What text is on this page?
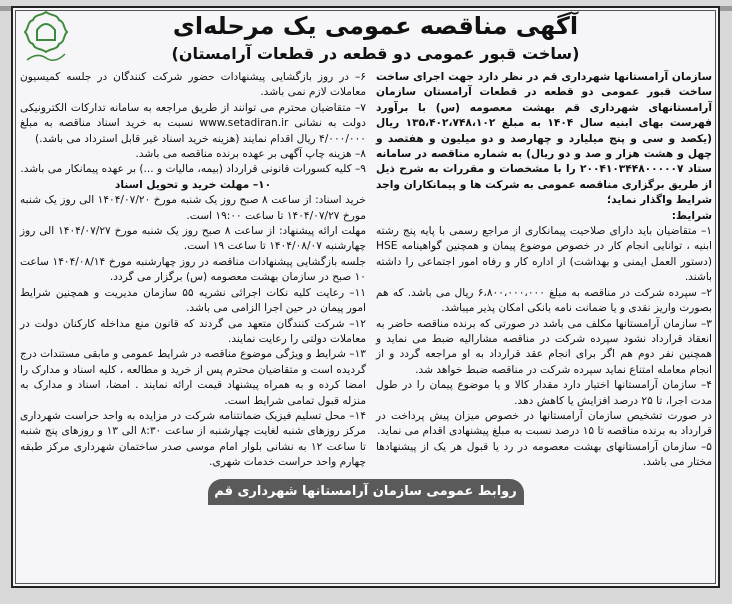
آگهی مناقصه عمومی یک مرحله‌ای

(ساخت قبور عمومی دو قطعه در قطعات آرامستان)

سازمان آرامستانها شهرداری قم در نظر دارد جهت اجرای ساخت ساخت قبور عمومی دو قطعه در قطعات آرامستان سازمان آرامستانهای شهرداری قم بهشت معصومه (س) با برآورد فهرست بهای ابنیه سال ۱۴۰۴ به مبلغ ۱۳۵،۴۰۲،۷۴۸،۱۰۲ ریال (یکصد و سی و پنج میلیارد و چهارصد و دو میلیون و هفتصد و چهل و هشت هزار و صد و دو ریال) به شماره مناقصه در سامانه ستاد ۲۰۰۴۱۰۳۴۴۸۰۰۰۰۰۷ را با مشخصات و مقررات به شرح ذیل از طریق برگزاری مناقصه عمومی به شرکت ها و پیمانکاران واجد شرایط واگذار نماید؛

شرایط:

۱– متقاضیان باید دارای صلاحیت پیمانکاری از مراجع رسمی با پایه پنج رشته ابنیه ، توانایی انجام کار در خصوص موضوع پیمان و همچنین گواهینامه HSE (دستور العمل ایمنی و بهداشت) از اداره کار و رفاه امور اجتماعی را داشته باشند.

۲– سپرده شرکت در مناقصه به مبلغ ۶،۸۰۰،۰۰۰،۰۰۰ ریال می باشد. که هم بصورت واریز نقدی و یا ضمانت نامه بانکی امکان پذیر میباشد.

۳– سازمان آرامستانها مکلف می باشد در صورتی که برنده مناقصه حاضر به انعقاد قرارداد نشود سپرده شرکت در مناقصه مشارالیه ضبط می نماید و همچنین نفر دوم هم اگر برای انجام عقد قرارداد به او مراجعه گردد و از انجام معامله امتناع نماید سپرده شرکت در مناقصه ضبط خواهد شد.

۴– سازمان آرامستانها اختیار دارد مقدار کالا و یا موضوع پیمان را در طول مدت اجرا، تا ۲۵ درصد افزایش یا کاهش دهد.

در صورت تشخیص سازمان آرامستانها در خصوص میزان پیش پرداخت در قرارداد به برنده مناقصه تا ۱۵ درصد نسبت به مبلغ پیشنهادی اقدام می نماید.

۵– سازمان آرامستانهای بهشت معصومه در رد یا قبول هر یک از پیشنهادها مختار می باشد.

۶– در روز بازگشایی پیشنهادات حضور شرکت کنندگان در جلسه کمیسیون معاملات لازم نمی باشد.

۷– متقاضیان محترم می توانند از طریق مراجعه به سامانه تدارکات الکترونیکی دولت به نشانی www.setadiran.ir نسبت به خرید اسناد مناقصه به مبلغ ۴/۰۰۰/۰۰۰ ریال اقدام نمایند (هزینه خرید اسناد غیر قابل استرداد می باشد.)

۸– هزینه چاپ آگهی بر عهده برنده مناقصه می باشد.

۹– کلیه کسورات قانونی قرارداد (بیمه، مالیات و ...) بر عهده پیمانکار می باشد.

۱۰– مهلت خرید و تحویل اسناد

خرید اسناد: از ساعت ۸ صبح روز یک شنبه مورخ ۱۴۰۴/۰۷/۲۰ الی روز یک شنبه مورخ ۱۴۰۴/۰۷/۲۷ تا ساعت ۱۹:۰۰ است.

مهلت ارائه پیشنهاد: از ساعت ۸ صبح روز یک شنبه مورخ ۱۴۰۴/۰۷/۲۷ الی روز چهارشنبه ۱۴۰۴/۰۸/۰۷ تا ساعت ۱۹ است.

جلسه بازگشایی پیشنهادات مناقصه در روز چهارشنبه مورخ ۱۴۰۴/۰۸/۱۴ ساعت ۱۰ صبح در سازمان بهشت معصومه (س) برگزار می گردد.

۱۱– رعایت کلیه نکات اجرائی نشریه ۵۵ سازمان مدیریت و همچنین شرایط امور پیمان در حین اجرا الزامی می باشد.

۱۲– شرکت کنندگان متعهد می گردند که قانون منع مداخله کارکنان دولت در معاملات دولتی را رعایت نمایند.

۱۳– شرایط و ویژگی موضوع مناقصه در شرایط عمومی و مابقی مستندات درج گردیده است و متقاضیان محترم پس از خرید و مطالعه ، کلیه اسناد و مدارک را امضا کرده و به همراه پیشنهاد قیمت ارائه نمایند . امضا، اسناد و مدارک به منزله قبول تمامی شرایط است.

۱۴– محل تسلیم فیزیک ضمانتنامه شرکت در مزایده به واحد حراست شهرداری مرکز روزهای شنبه لغایت چهارشنبه از ساعت ۸:۳۰ الی ۱۳ و روزهای پنج شنبه تا ساعت ۱۲ به نشانی بلوار امام موسی صدر ساختمان شهرداری مرکز طبقه چهارم واحد حراست خدمات شهری.

روابط عمومی سازمان آرامستانها شهرداری قم
